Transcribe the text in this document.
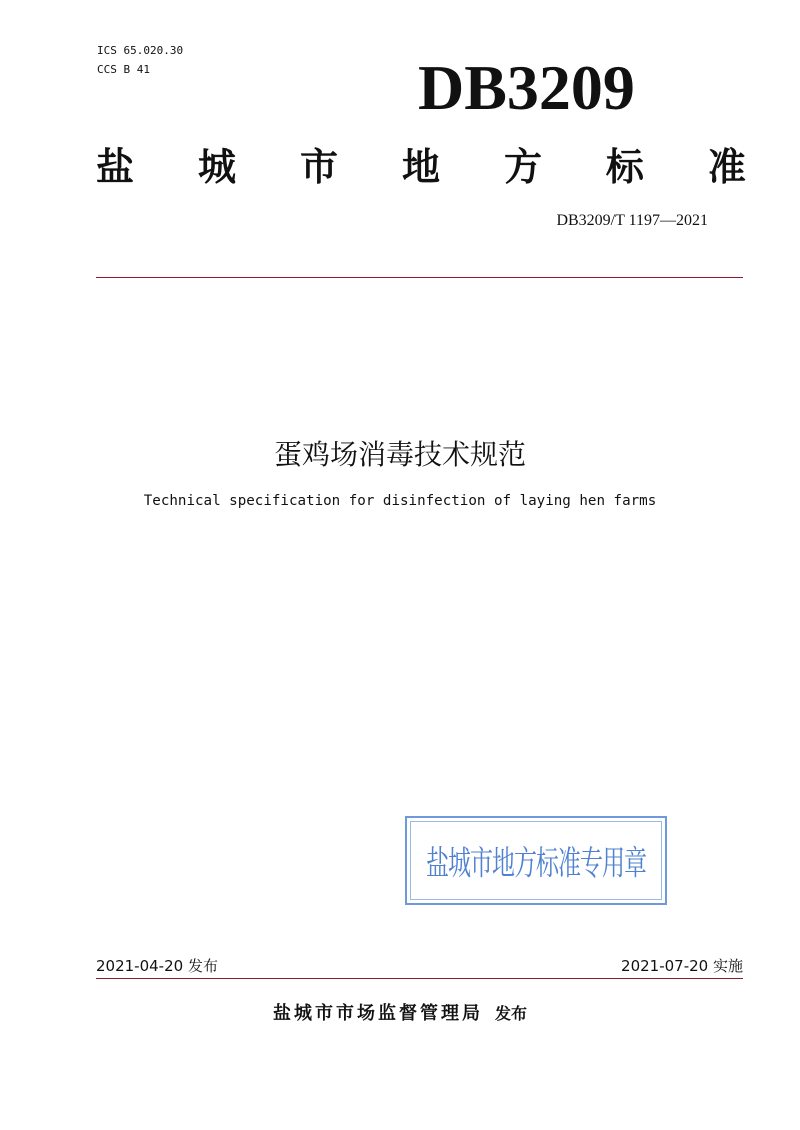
ICS 65.020.30
CCS B 41	DB3209
盐 城 市 地 方 标 准
DB3209/T 1197—2021
蛋鸡场消毒技术规范
Technical specification for disinfection of laying hen farms
盐城市地方标准专用章
2021-04-20 发布	2021-07-20 实施
盐城市市场监督管理局 发布
